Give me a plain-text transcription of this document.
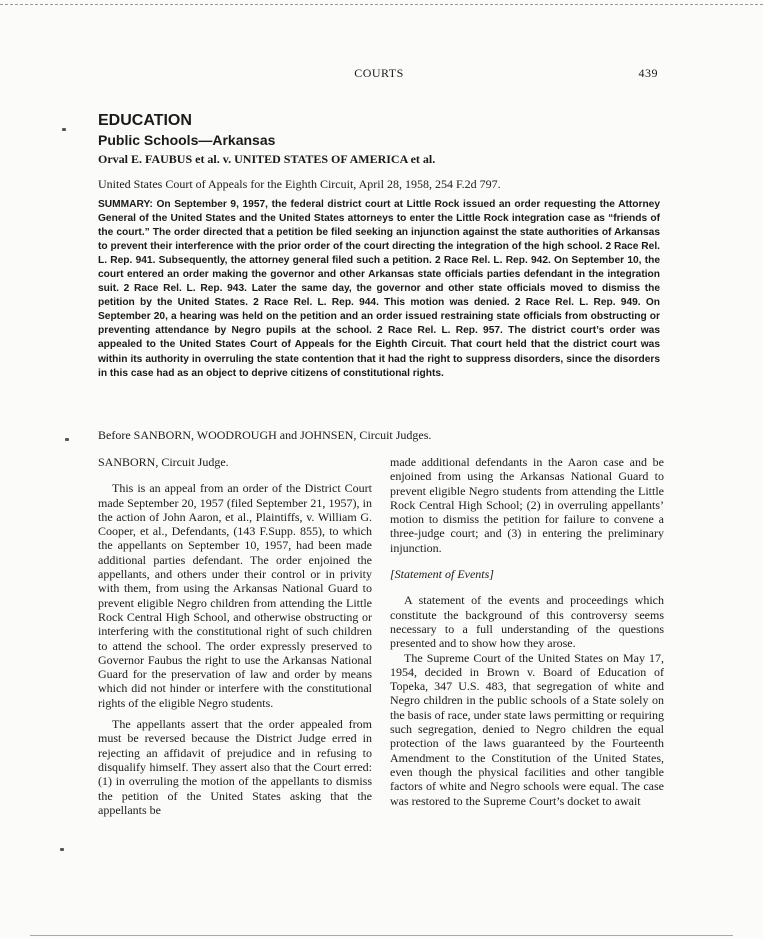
COURTS	439
EDUCATION
Public Schools—Arkansas
Orval E. FAUBUS et al. v. UNITED STATES OF AMERICA et al.
United States Court of Appeals for the Eighth Circuit, April 28, 1958, 254 F.2d 797.

SUMMARY: On September 9, 1957, the federal district court at Little Rock issued an order requesting the Attorney General of the United States and the United States attorneys to enter the Little Rock integration case as “friends of the court.” The order directed that a petition be filed seeking an injunction against the state authorities of Arkansas to prevent their interference with the prior order of the court directing the integration of the high school. 2 Race Rel. L. Rep. 941. Subsequently, the attorney general filed such a petition. 2 Race Rel. L. Rep. 942. On September 10, the court entered an order making the governor and other Arkansas state officials parties defendant in the integration suit. 2 Race Rel. L. Rep. 943. Later the same day, the governor and other state officials moved to dismiss the petition by the United States. 2 Race Rel. L. Rep. 944. This motion was denied. 2 Race Rel. L. Rep. 949. On September 20, a hearing was held on the petition and an order issued restraining state officials from obstructing or preventing attendance by Negro pupils at the school. 2 Race Rel. L. Rep. 957. The district court’s order was appealed to the United States Court of Appeals for the Eighth Circuit. That court held that the district court was within its authority in overruling the state contention that it had the right to suppress disorders, since the disorders in this case had as an object to deprive citizens of constitutional rights.

Before SANBORN, WOODROUGH and JOHNSEN, Circuit Judges.

SANBORN, Circuit Judge.

This is an appeal from an order of the District Court made September 20, 1957 (filed September 21, 1957), in the action of John Aaron, et al., Plaintiffs, v. William G. Cooper, et al., Defendants, (143 F.Supp. 855), to which the appellants on September 10, 1957, had been made additional parties defendant. The order enjoined the appellants, and others under their control or in privity with them, from using the Arkansas National Guard to prevent eligible Negro children from attending the Little Rock Central High School, and otherwise obstructing or interfering with the constitutional right of such children to attend the school. The order expressly preserved to Governor Faubus the right to use the Arkansas National Guard for the preservation of law and order by means which did not hinder or interfere with the constitutional rights of the eligible Negro students.

The appellants assert that the order appealed from must be reversed because the District Judge erred in rejecting an affidavit of prejudice and in refusing to disqualify himself. They assert also that the Court erred: (1) in overruling the motion of the appellants to dismiss the petition of the United States asking that the appellants be

made additional defendants in the Aaron case and be enjoined from using the Arkansas National Guard to prevent eligible Negro students from attending the Little Rock Central High School; (2) in overruling appellants’ motion to dismiss the petition for failure to convene a three-judge court; and (3) in entering the preliminary injunction.

[Statement of Events]

A statement of the events and proceedings which constitute the background of this controversy seems necessary to a full understanding of the questions presented and to show how they arose.

The Supreme Court of the United States on May 17, 1954, decided in Brown v. Board of Education of Topeka, 347 U.S. 483, that segregation of white and Negro children in the public schools of a State solely on the basis of race, under state laws permitting or requiring such segregation, denied to Negro children the equal protection of the laws guaranteed by the Fourteenth Amendment to the Constitution of the United States, even though the physical facilities and other tangible factors of white and Negro schools were equal. The case was restored to the Supreme Court’s docket to await
